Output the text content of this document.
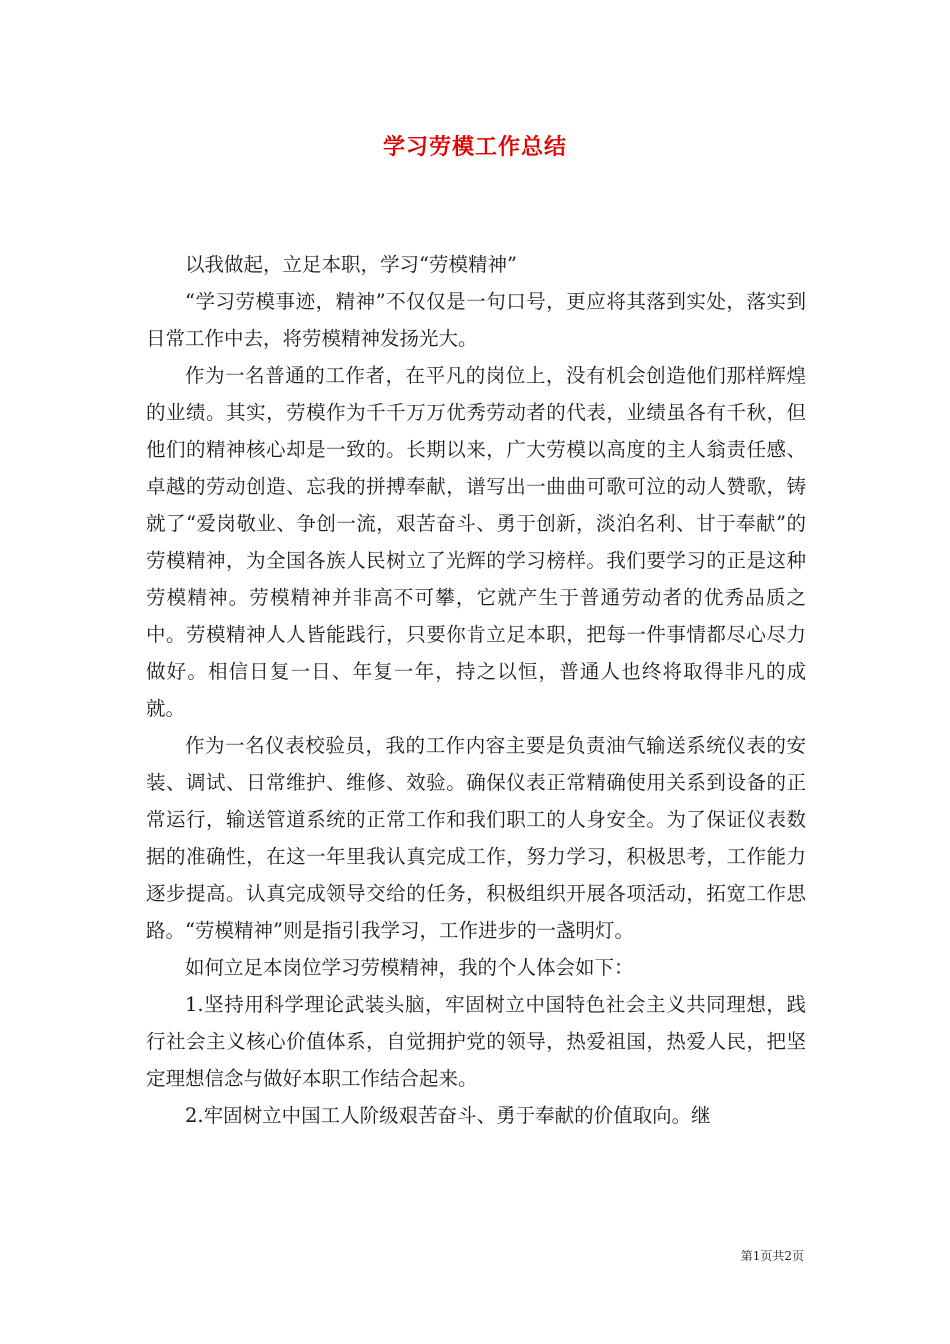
学习劳模工作总结

以我做起，立足本职，学习“劳模精神”

“学习劳模事迹，精神”不仅仅是一句口号，更应将其落到实处，落实到日常工作中去，将劳模精神发扬光大。

作为一名普通的工作者，在平凡的岗位上，没有机会创造他们那样辉煌的业绩。其实，劳模作为千千万万优秀劳动者的代表，业绩虽各有千秋，但他们的精神核心却是一致的。长期以来，广大劳模以高度的主人翁责任感、卓越的劳动创造、忘我的拼搏奉献，谱写出一曲曲可歌可泣的动人赞歌，铸就了“爱岗敬业、争创一流，艰苦奋斗、勇于创新，淡泊名利、甘于奉献”的劳模精神，为全国各族人民树立了光辉的学习榜样。我们要学习的正是这种劳模精神。劳模精神并非高不可攀，它就产生于普通劳动者的优秀品质之中。劳模精神人人皆能践行，只要你肯立足本职，把每一件事情都尽心尽力做好。相信日复一日、年复一年，持之以恒，普通人也终将取得非凡的成就。

作为一名仪表校验员，我的工作内容主要是负责油气输送系统仪表的安装、调试、日常维护、维修、效验。确保仪表正常精确使用关系到设备的正常运行，输送管道系统的正常工作和我们职工的人身安全。为了保证仪表数据的准确性，在这一年里我认真完成工作，努力学习，积极思考，工作能力逐步提高。认真完成领导交给的任务，积极组织开展各项活动，拓宽工作思路。“劳模精神”则是指引我学习，工作进步的一盏明灯。

如何立足本岗位学习劳模精神，我的个人体会如下：

1.坚持用科学理论武装头脑，牢固树立中国特色社会主义共同理想，践行社会主义核心价值体系，自觉拥护党的领导，热爱祖国，热爱人民，把坚定理想信念与做好本职工作结合起来。

2.牢固树立中国工人阶级艰苦奋斗、勇于奉献的价值取向。继

第1页共2页
